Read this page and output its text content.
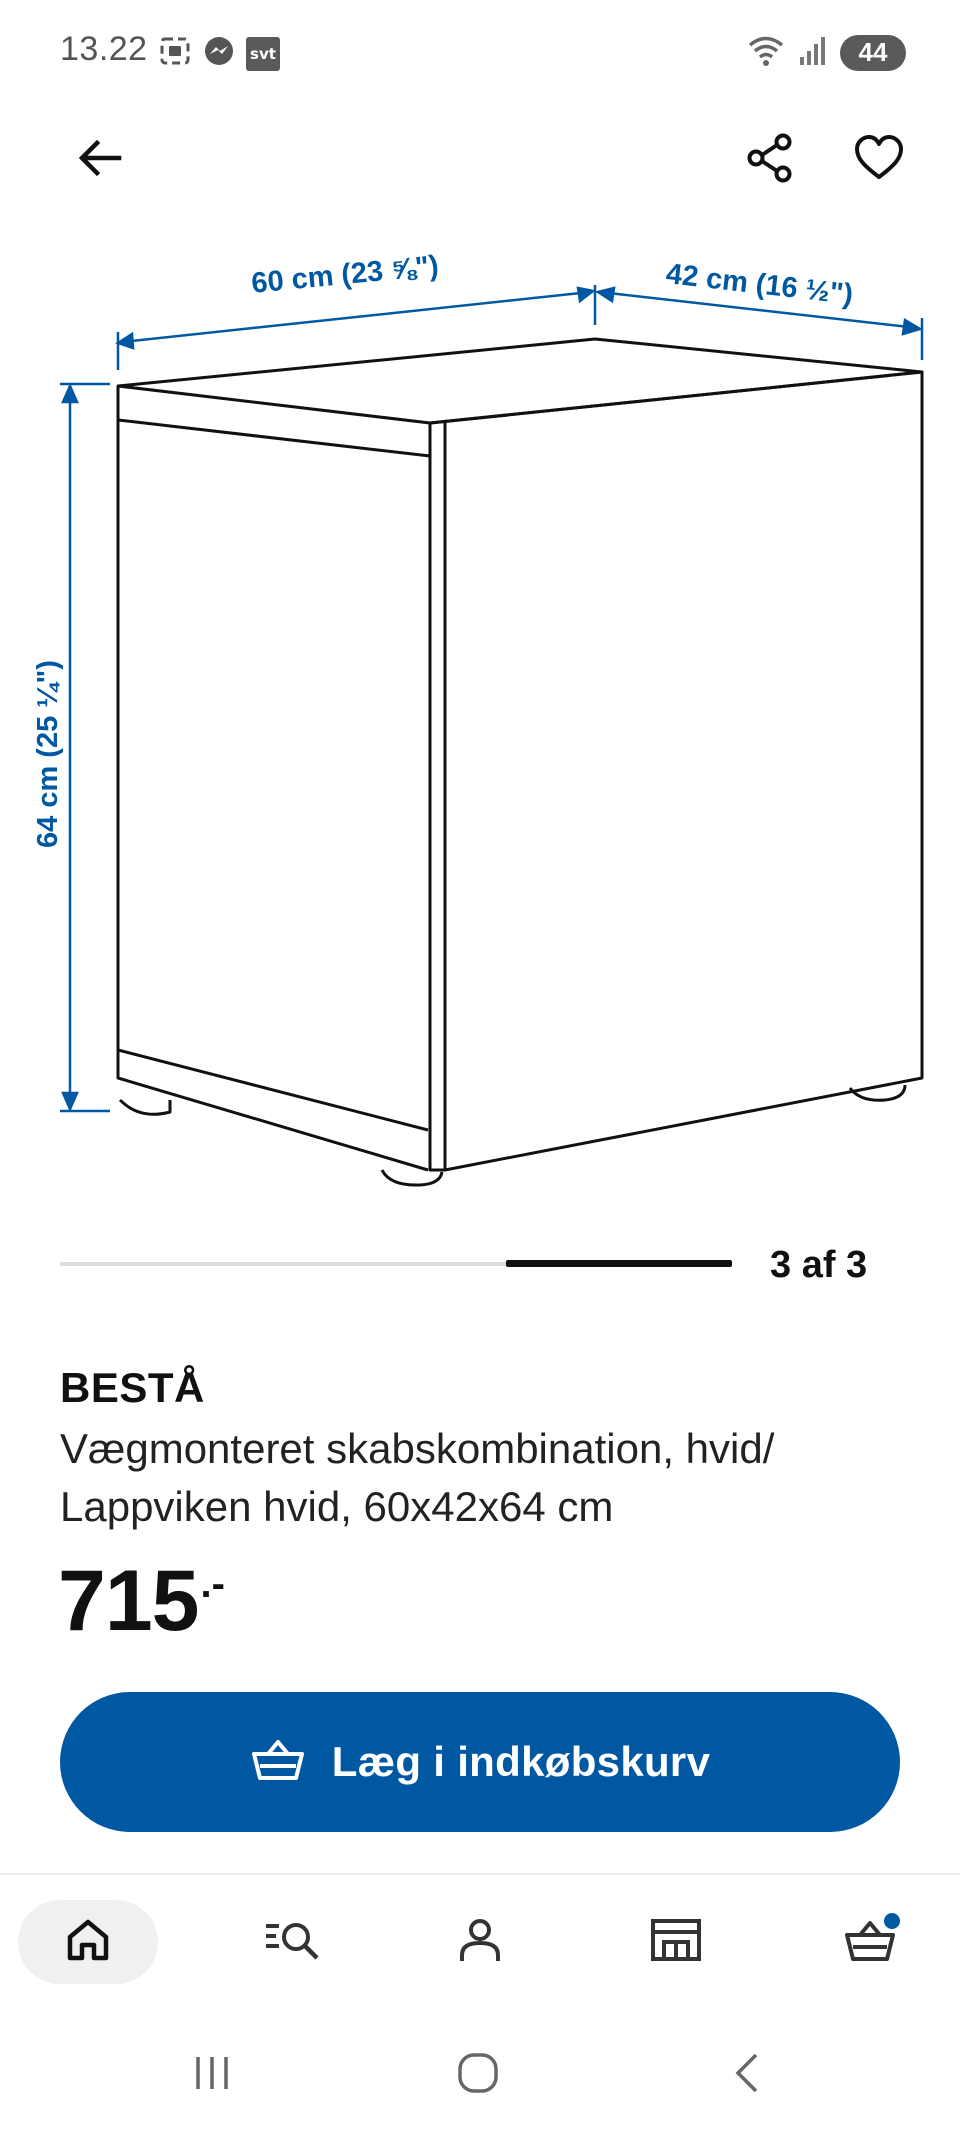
13.22	svt	44
60 cm (23 ⅝")	42 cm (16 ½")
64 cm (25 ¼")
3 af 3
BESTÅ
Vægmonteret skabskombination, hvid/ Lappviken hvid, 60x42x64 cm
715 .-
Læg i indkøbskurv
